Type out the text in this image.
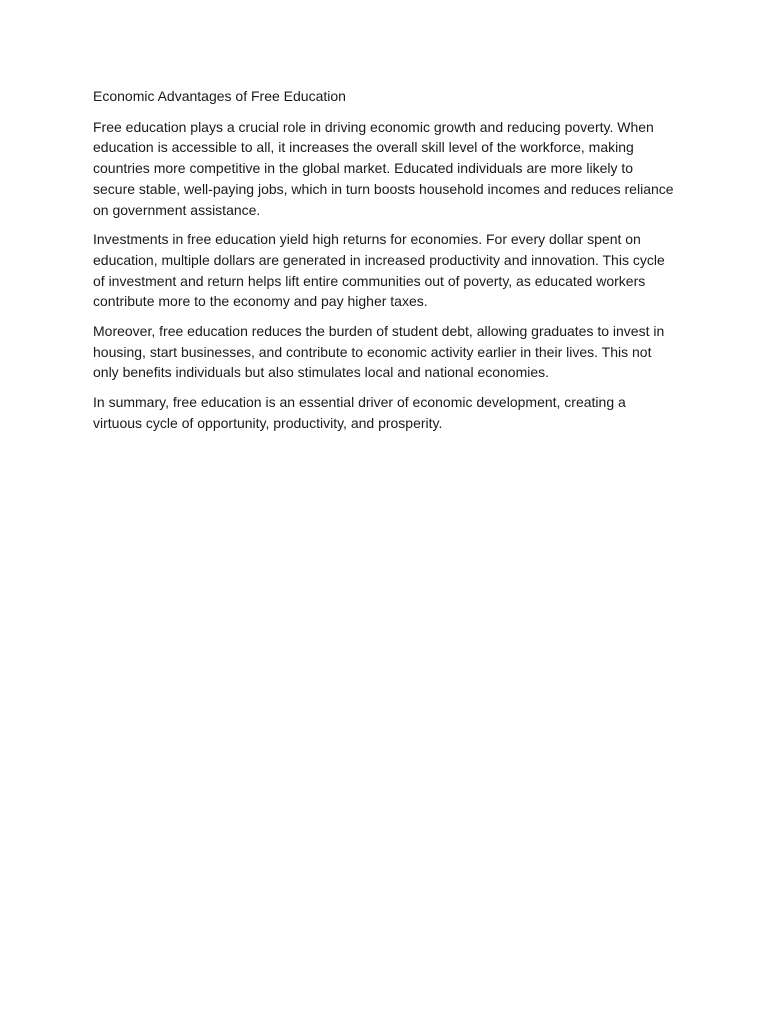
Economic Advantages of Free Education

Free education plays a crucial role in driving economic growth and reducing poverty. When education is accessible to all, it increases the overall skill level of the workforce, making countries more competitive in the global market. Educated individuals are more likely to secure stable, well-paying jobs, which in turn boosts household incomes and reduces reliance on government assistance.

Investments in free education yield high returns for economies. For every dollar spent on education, multiple dollars are generated in increased productivity and innovation. This cycle of investment and return helps lift entire communities out of poverty, as educated workers contribute more to the economy and pay higher taxes.

Moreover, free education reduces the burden of student debt, allowing graduates to invest in housing, start businesses, and contribute to economic activity earlier in their lives. This not only benefits individuals but also stimulates local and national economies.

In summary, free education is an essential driver of economic development, creating a virtuous cycle of opportunity, productivity, and prosperity.
